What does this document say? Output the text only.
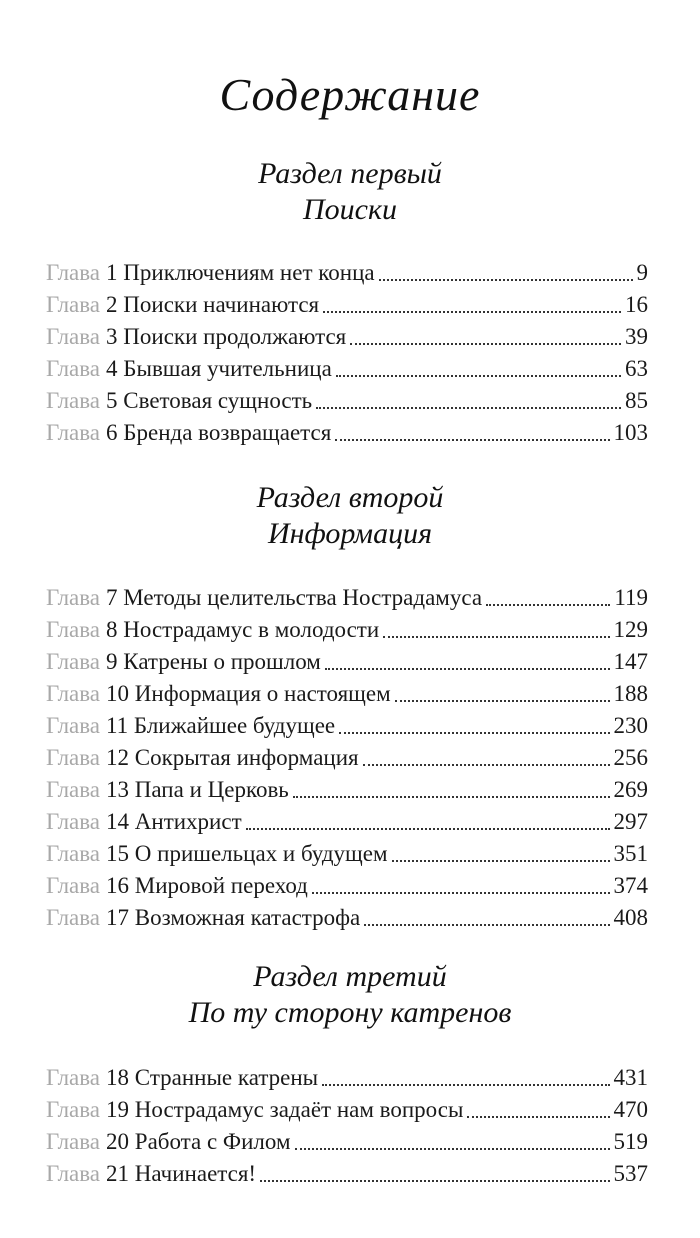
Содержание
Раздел первый
Поиски
Глава 1 Приключениям нет конца	9
Глава 2 Поиски начинаются	16
Глава 3 Поиски продолжаются	39
Глава 4 Бывшая учительница	63
Глава 5 Световая сущность	85
Глава 6 Бренда возвращается	103
Раздел второй
Информация
Глава 7 Методы целительства Нострадамуса	119
Глава 8 Нострадамус в молодости	129
Глава 9 Катрены о прошлом	147
Глава 10 Информация о настоящем	188
Глава 11 Ближайшее будущее	230
Глава 12 Сокрытая информация	256
Глава 13 Папа и Церковь	269
Глава 14 Антихрист	297
Глава 15 О пришельцах и будущем	351
Глава 16 Мировой переход	374
Глава 17 Возможная катастрофа	408
Раздел третий
По ту сторону катренов
Глава 18 Странные катрены	431
Глава 19 Нострадамус задаёт нам вопросы	470
Глава 20 Работа с Филом	519
Глава 21 Начинается!	537
